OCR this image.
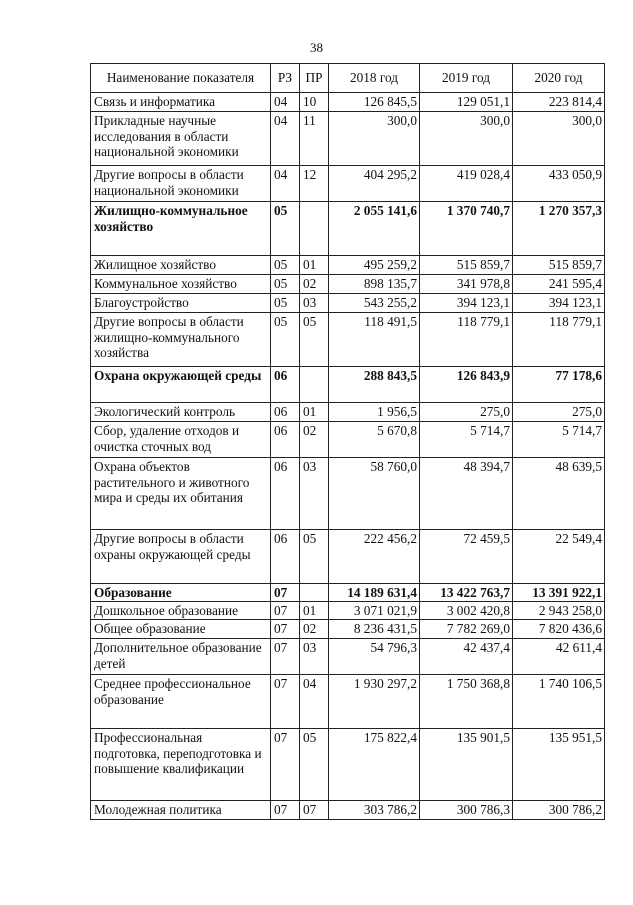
38
Наименование показателя	РЗ	ПР	2018 год	2019 год	2020 год
Связь и информатика	04	10	126 845,5	129 051,1	223 814,4
Прикладные научные исследования в области национальной экономики	04	11	300,0	300,0	300,0
Другие вопросы в области национальной экономики	04	12	404 295,2	419 028,4	433 050,9
Жилищно-коммунальное хозяйство	05		2 055 141,6	1 370 740,7	1 270 357,3
Жилищное хозяйство	05	01	495 259,2	515 859,7	515 859,7
Коммунальное хозяйство	05	02	898 135,7	341 978,8	241 595,4
Благоустройство	05	03	543 255,2	394 123,1	394 123,1
Другие вопросы в области жилищно-коммунального хозяйства	05	05	118 491,5	118 779,1	118 779,1
Охрана окружающей среды	06		288 843,5	126 843,9	77 178,6
Экологический контроль	06	01	1 956,5	275,0	275,0
Сбор, удаление отходов и очистка сточных вод	06	02	5 670,8	5 714,7	5 714,7
Охрана объектов растительного и животного мира и среды их обитания	06	03	58 760,0	48 394,7	48 639,5
Другие вопросы в области охраны окружающей среды	06	05	222 456,2	72 459,5	22 549,4
Образование	07		14 189 631,4	13 422 763,7	13 391 922,1
Дошкольное образование	07	01	3 071 021,9	3 002 420,8	2 943 258,0
Общее образование	07	02	8 236 431,5	7 782 269,0	7 820 436,6
Дополнительное образование детей	07	03	54 796,3	42 437,4	42 611,4
Среднее профессиональное образование	07	04	1 930 297,2	1 750 368,8	1 740 106,5
Профессиональная подготовка, переподготовка и повышение квалификации	07	05	175 822,4	135 901,5	135 951,5
Молодежная политика	07	07	303 786,2	300 786,3	300 786,2
